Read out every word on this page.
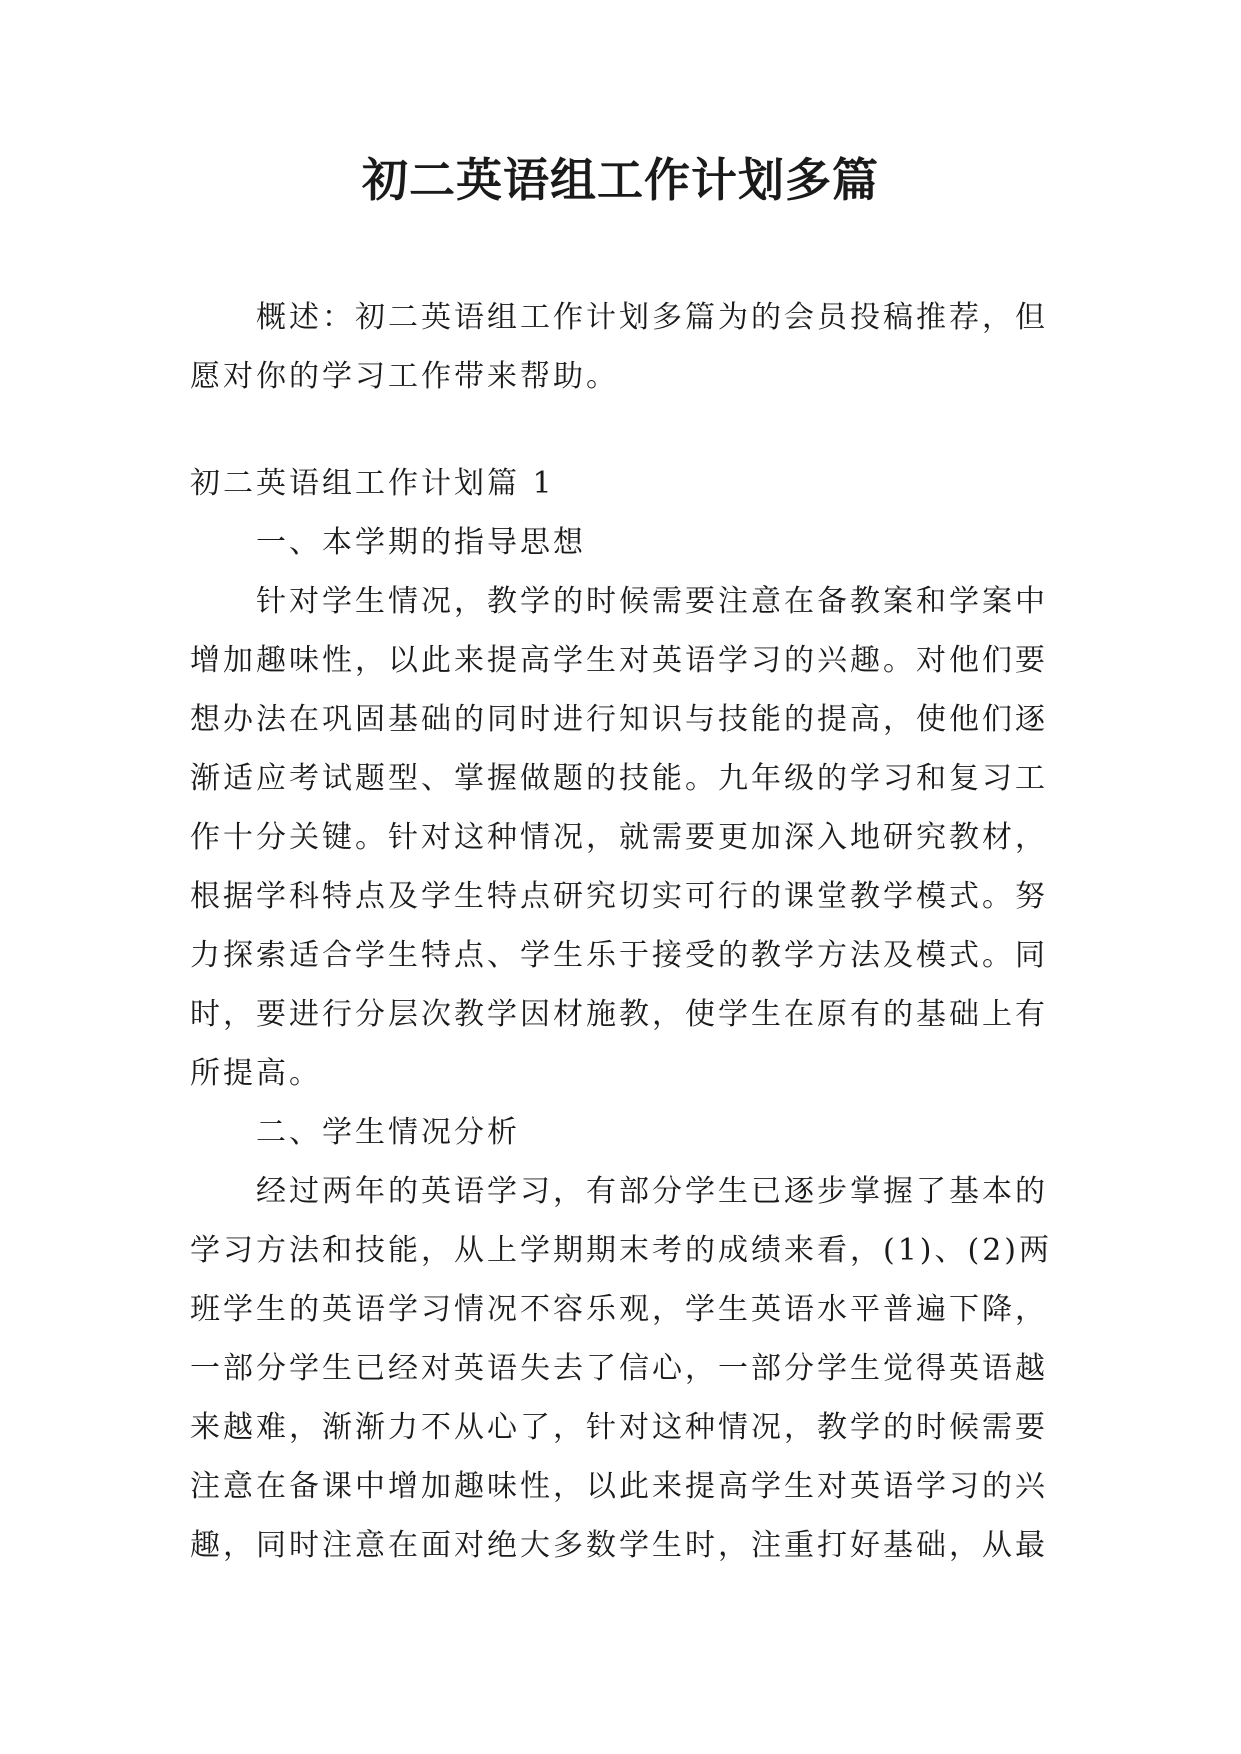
初二英语组工作计划多篇
概述：初二英语组工作计划多篇为的会员投稿推荐，但
愿对你的学习工作带来帮助。
初二英语组工作计划篇 1
一、本学期的指导思想
针对学生情况，教学的时候需要注意在备教案和学案中
增加趣味性，以此来提高学生对英语学习的兴趣。对他们要
想办法在巩固基础的同时进行知识与技能的提高，使他们逐
渐适应考试题型、掌握做题的技能。九年级的学习和复习工
作十分关键。针对这种情况，就需要更加深入地研究教材，
根据学科特点及学生特点研究切实可行的课堂教学模式。努
力探索适合学生特点、学生乐于接受的教学方法及模式。同
时，要进行分层次教学因材施教，使学生在原有的基础上有
所提高。
二、学生情况分析
经过两年的英语学习，有部分学生已逐步掌握了基本的
学习方法和技能，从上学期期末考的成绩来看，(1)、(2)两
班学生的英语学习情况不容乐观，学生英语水平普遍下降，
一部分学生已经对英语失去了信心，一部分学生觉得英语越
来越难，渐渐力不从心了，针对这种情况，教学的时候需要
注意在备课中增加趣味性，以此来提高学生对英语学习的兴
趣，同时注意在面对绝大多数学生时，注重打好基础，从最
